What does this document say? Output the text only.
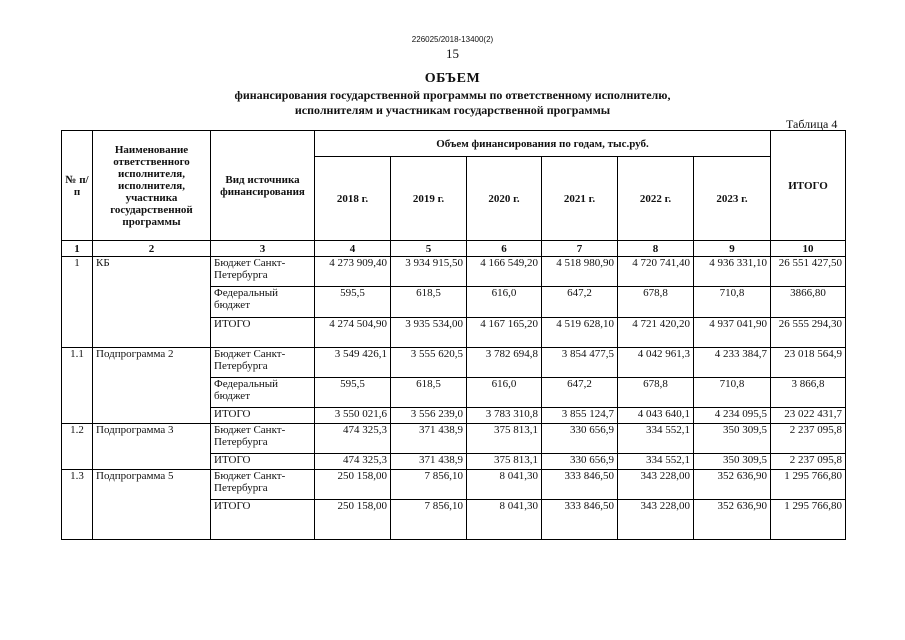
226025/2018-13400(2)
15
ОБЪЕМ
финансирования государственной программы по ответственному исполнителю,
исполнителям и участникам государственной программы
Таблица 4
№ п/п	Наименование ответственного исполнителя, исполнителя, участника государственной программы	Вид источника финансирования	Объем финансирования по годам, тыс.руб.						ИТОГО
			2018 г.	2019 г.	2020 г.	2021 г.	2022 г.	2023 г.	
1	2	3	4	5	6	7	8	9	10
1	КБ	Бюджет Санкт-Петербурга	4 273 909,40	3 934 915,50	4 166 549,20	4 518 980,90	4 720 741,40	4 936 331,10	26 551 427,50
		Федеральный бюджет	595,5	618,5	616,0	647,2	678,8	710,8	3866,80
		ИТОГО	4 274 504,90	3 935 534,00	4 167 165,20	4 519 628,10	4 721 420,20	4 937 041,90	26 555 294,30
1.1	Подпрограмма 2	Бюджет Санкт-Петербурга	3 549 426,1	3 555 620,5	3 782 694,8	3 854 477,5	4 042 961,3	4 233 384,7	23 018 564,9
		Федеральный бюджет	595,5	618,5	616,0	647,2	678,8	710,8	3 866,8
		ИТОГО	3 550 021,6	3 556 239,0	3 783 310,8	3 855 124,7	4 043 640,1	4 234 095,5	23 022 431,7
1.2	Подпрограмма 3	Бюджет Санкт-Петербурга	474 325,3	371 438,9	375 813,1	330 656,9	334 552,1	350 309,5	2 237 095,8
		ИТОГО	474 325,3	371 438,9	375 813,1	330 656,9	334 552,1	350 309,5	2 237 095,8
1.3	Подпрограмма 5	Бюджет Санкт-Петербурга	250 158,00	7 856,10	8 041,30	333 846,50	343 228,00	352 636,90	1 295 766,80
		ИТОГО	250 158,00	7 856,10	8 041,30	333 846,50	343 228,00	352 636,90	1 295 766,80
